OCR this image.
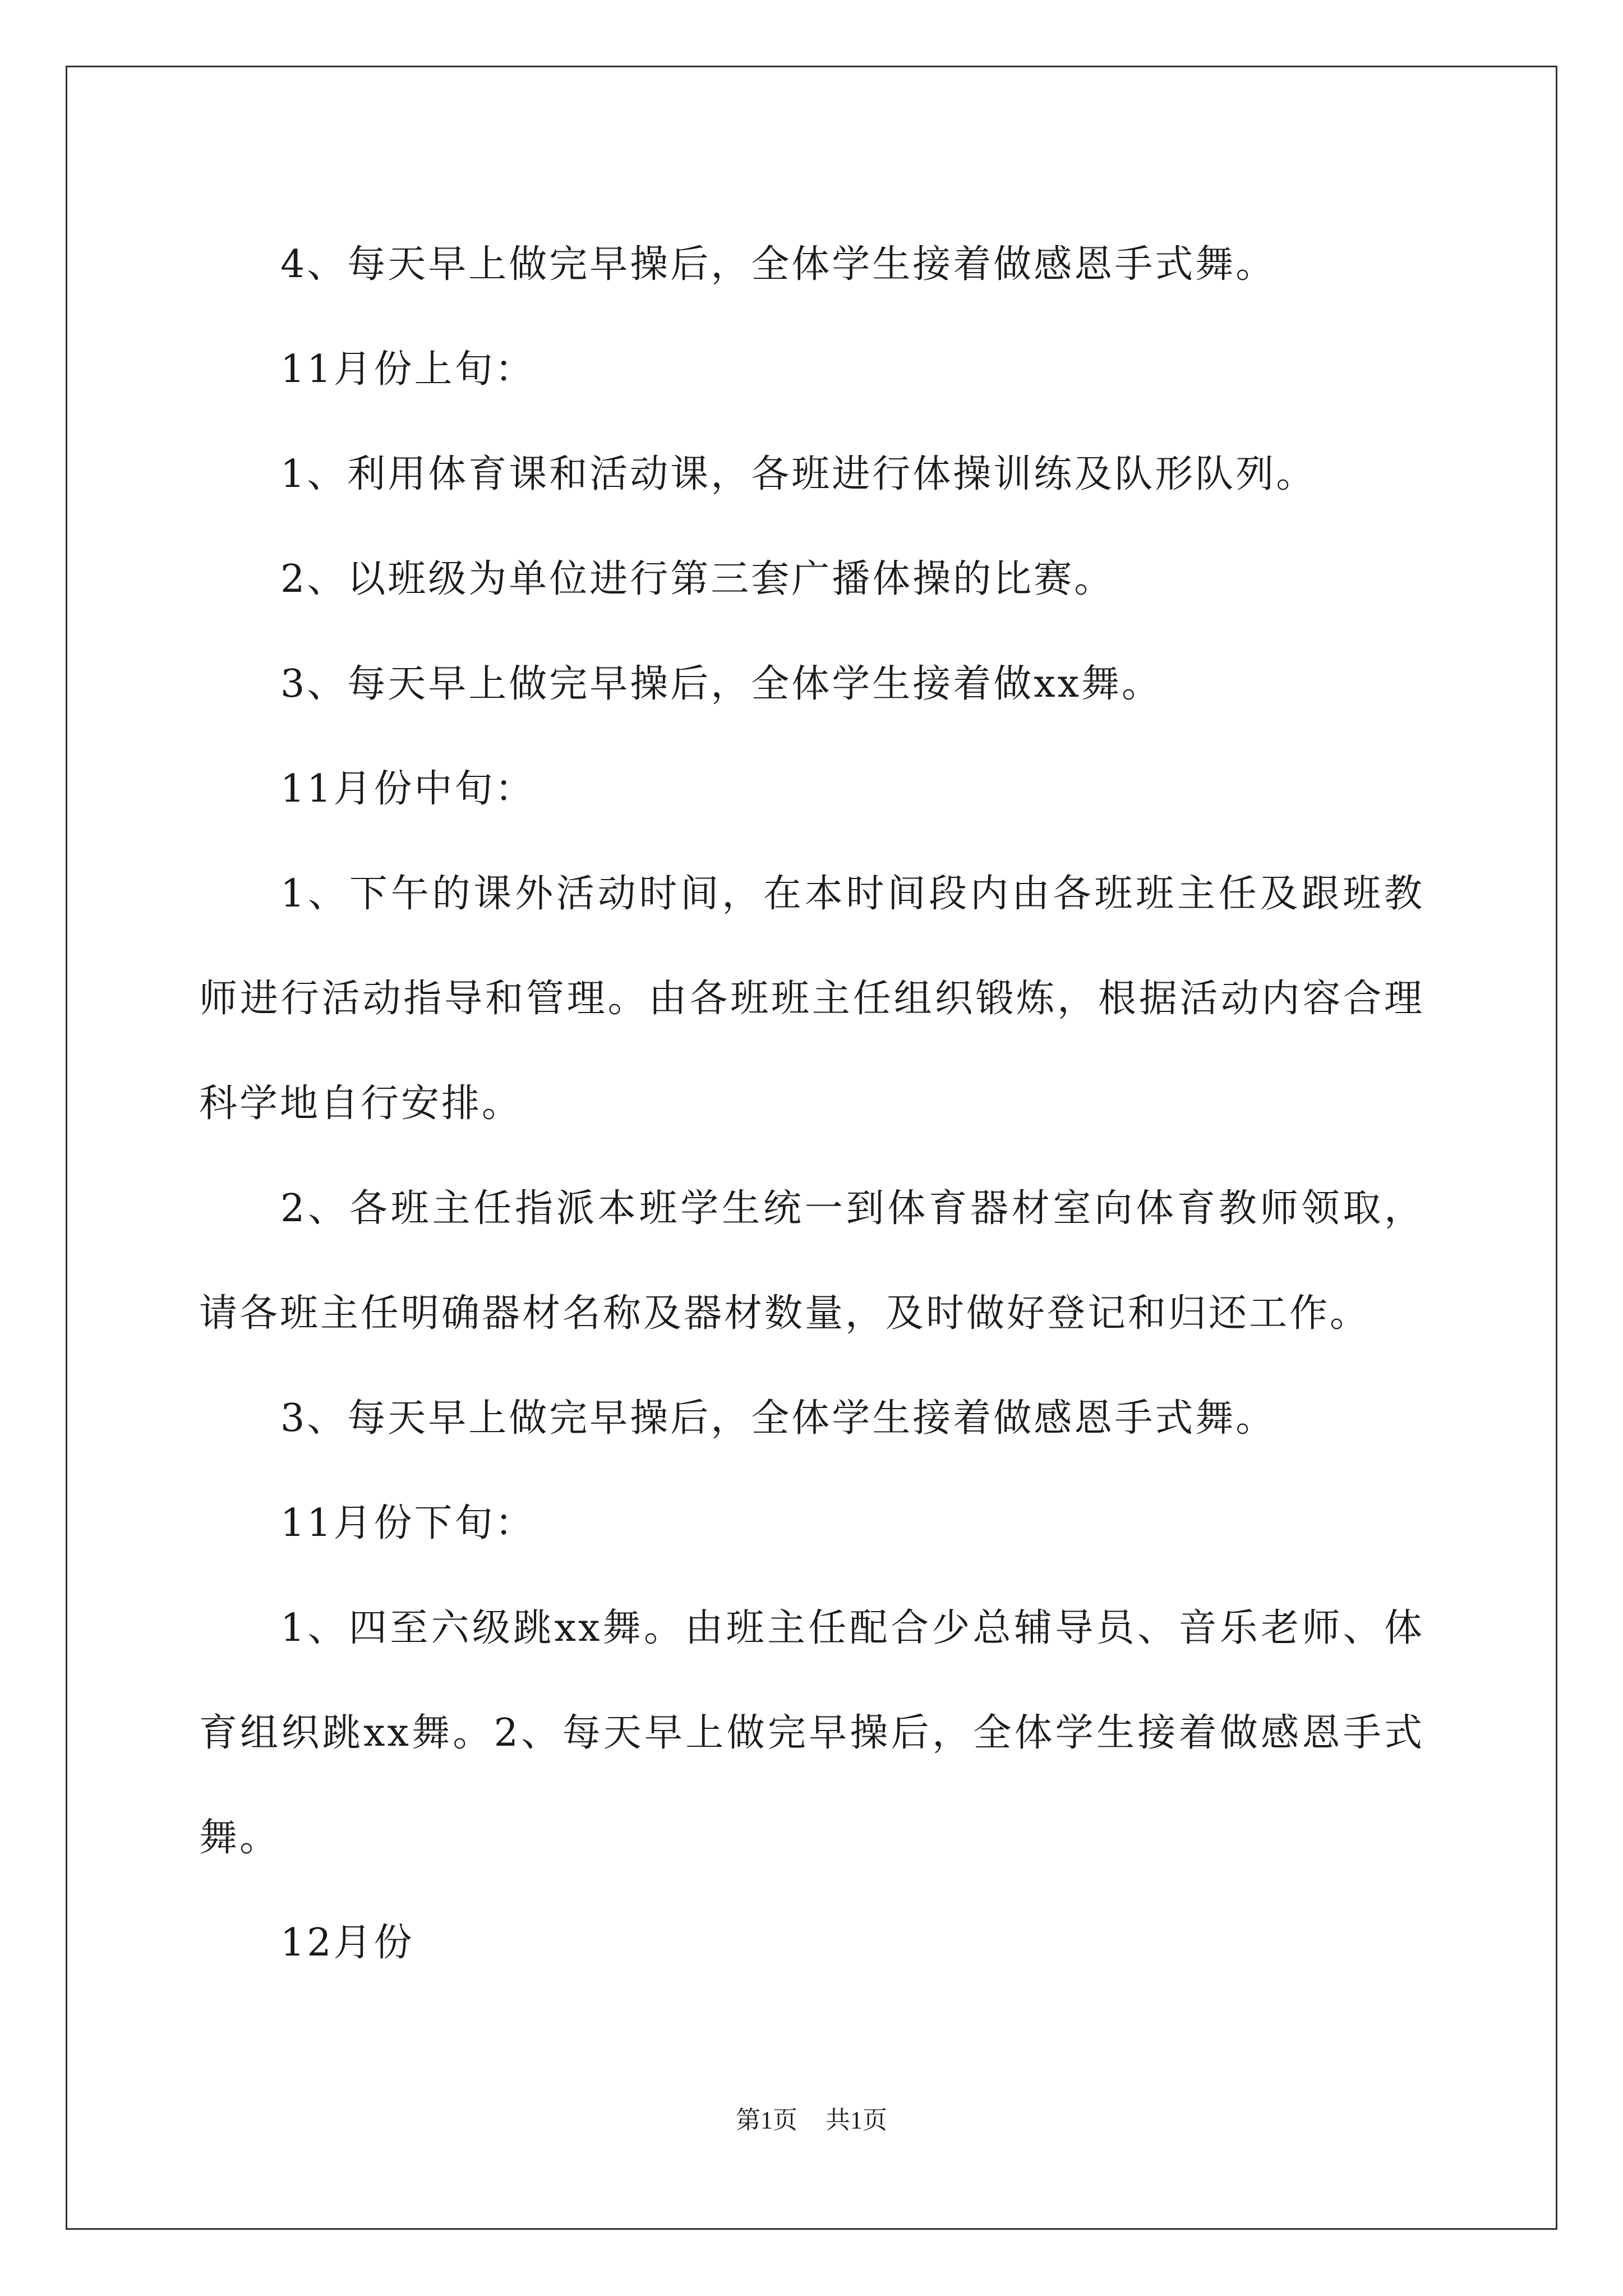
4、每天早上做完早操后，全体学生接着做感恩手式舞。

11月份上旬：

1、利用体育课和活动课，各班进行体操训练及队形队列。

2、以班级为单位进行第三套广播体操的比赛。

3、每天早上做完早操后，全体学生接着做xx舞。

11月份中旬：

1、下午的课外活动时间，在本时间段内由各班班主任及跟班教师进行活动指导和管理。由各班班主任组织锻炼，根据活动内容合理科学地自行安排。

2、各班主任指派本班学生统一到体育器材室向体育教师领取，请各班主任明确器材名称及器材数量，及时做好登记和归还工作。

3、每天早上做完早操后，全体学生接着做感恩手式舞。

11月份下旬：

1、四至六级跳xx舞。由班主任配合少总辅导员、音乐老师、体育组织跳xx舞。2、每天早上做完早操后，全体学生接着做感恩手式舞。

12月份

第1页 共1页
